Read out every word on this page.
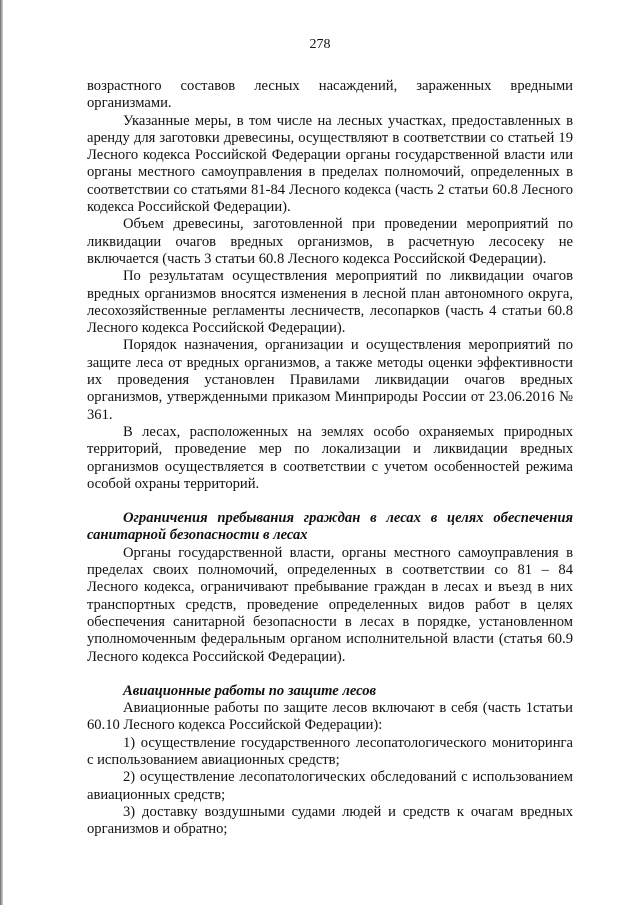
278

возрастного составов лесных насаждений, зараженных вредными организмами.

Указанные меры, в том числе на лесных участках, предоставленных в аренду для заготовки древесины, осуществляют в соответствии со статьей 19 Лесного кодекса Российской Федерации органы государственной власти или органы местного самоуправления в пределах полномочий, определенных в соответствии со статьями 81-84 Лесного кодекса (часть 2 статьи 60.8 Лесного кодекса Российской Федерации).

Объем древесины, заготовленной при проведении мероприятий по ликвидации очагов вредных организмов, в расчетную лесосеку не включается (часть 3 статьи 60.8 Лесного кодекса Российской Федерации).

По результатам осуществления мероприятий по ликвидации очагов вредных организмов вносятся изменения в лесной план автономного округа, лесохозяйственные регламенты лесничеств, лесопарков (часть 4 статьи 60.8 Лесного кодекса Российской Федерации).

Порядок назначения, организации и осуществления мероприятий по защите леса от вредных организмов, а также методы оценки эффективности их проведения установлен Правилами ликвидации очагов вредных организмов, утвержденными приказом Минприроды России от 23.06.2016 № 361.

В лесах, расположенных на землях особо охраняемых природных территорий, проведение мер по локализации и ликвидации вредных организмов осуществляется в соответствии с учетом особенностей режима особой охраны территорий.

Ограничения пребывания граждан в лесах в целях обеспечения санитарной безопасности в лесах

Органы государственной власти, органы местного самоуправления в пределах своих полномочий, определенных в соответствии со 81 – 84 Лесного кодекса, ограничивают пребывание граждан в лесах и въезд в них транспортных средств, проведение определенных видов работ в целях обеспечения санитарной безопасности в лесах в порядке, установленном уполномоченным федеральным органом исполнительной власти (статья 60.9 Лесного кодекса Российской Федерации).

Авиационные работы по защите лесов

Авиационные работы по защите лесов включают в себя (часть 1статьи 60.10 Лесного кодекса Российской Федерации):

1) осуществление государственного лесопатологического мониторинга с использованием авиационных средств;

2) осуществление лесопатологических обследований с использованием авиационных средств;

3) доставку воздушными судами людей и средств к очагам вредных организмов и обратно;
